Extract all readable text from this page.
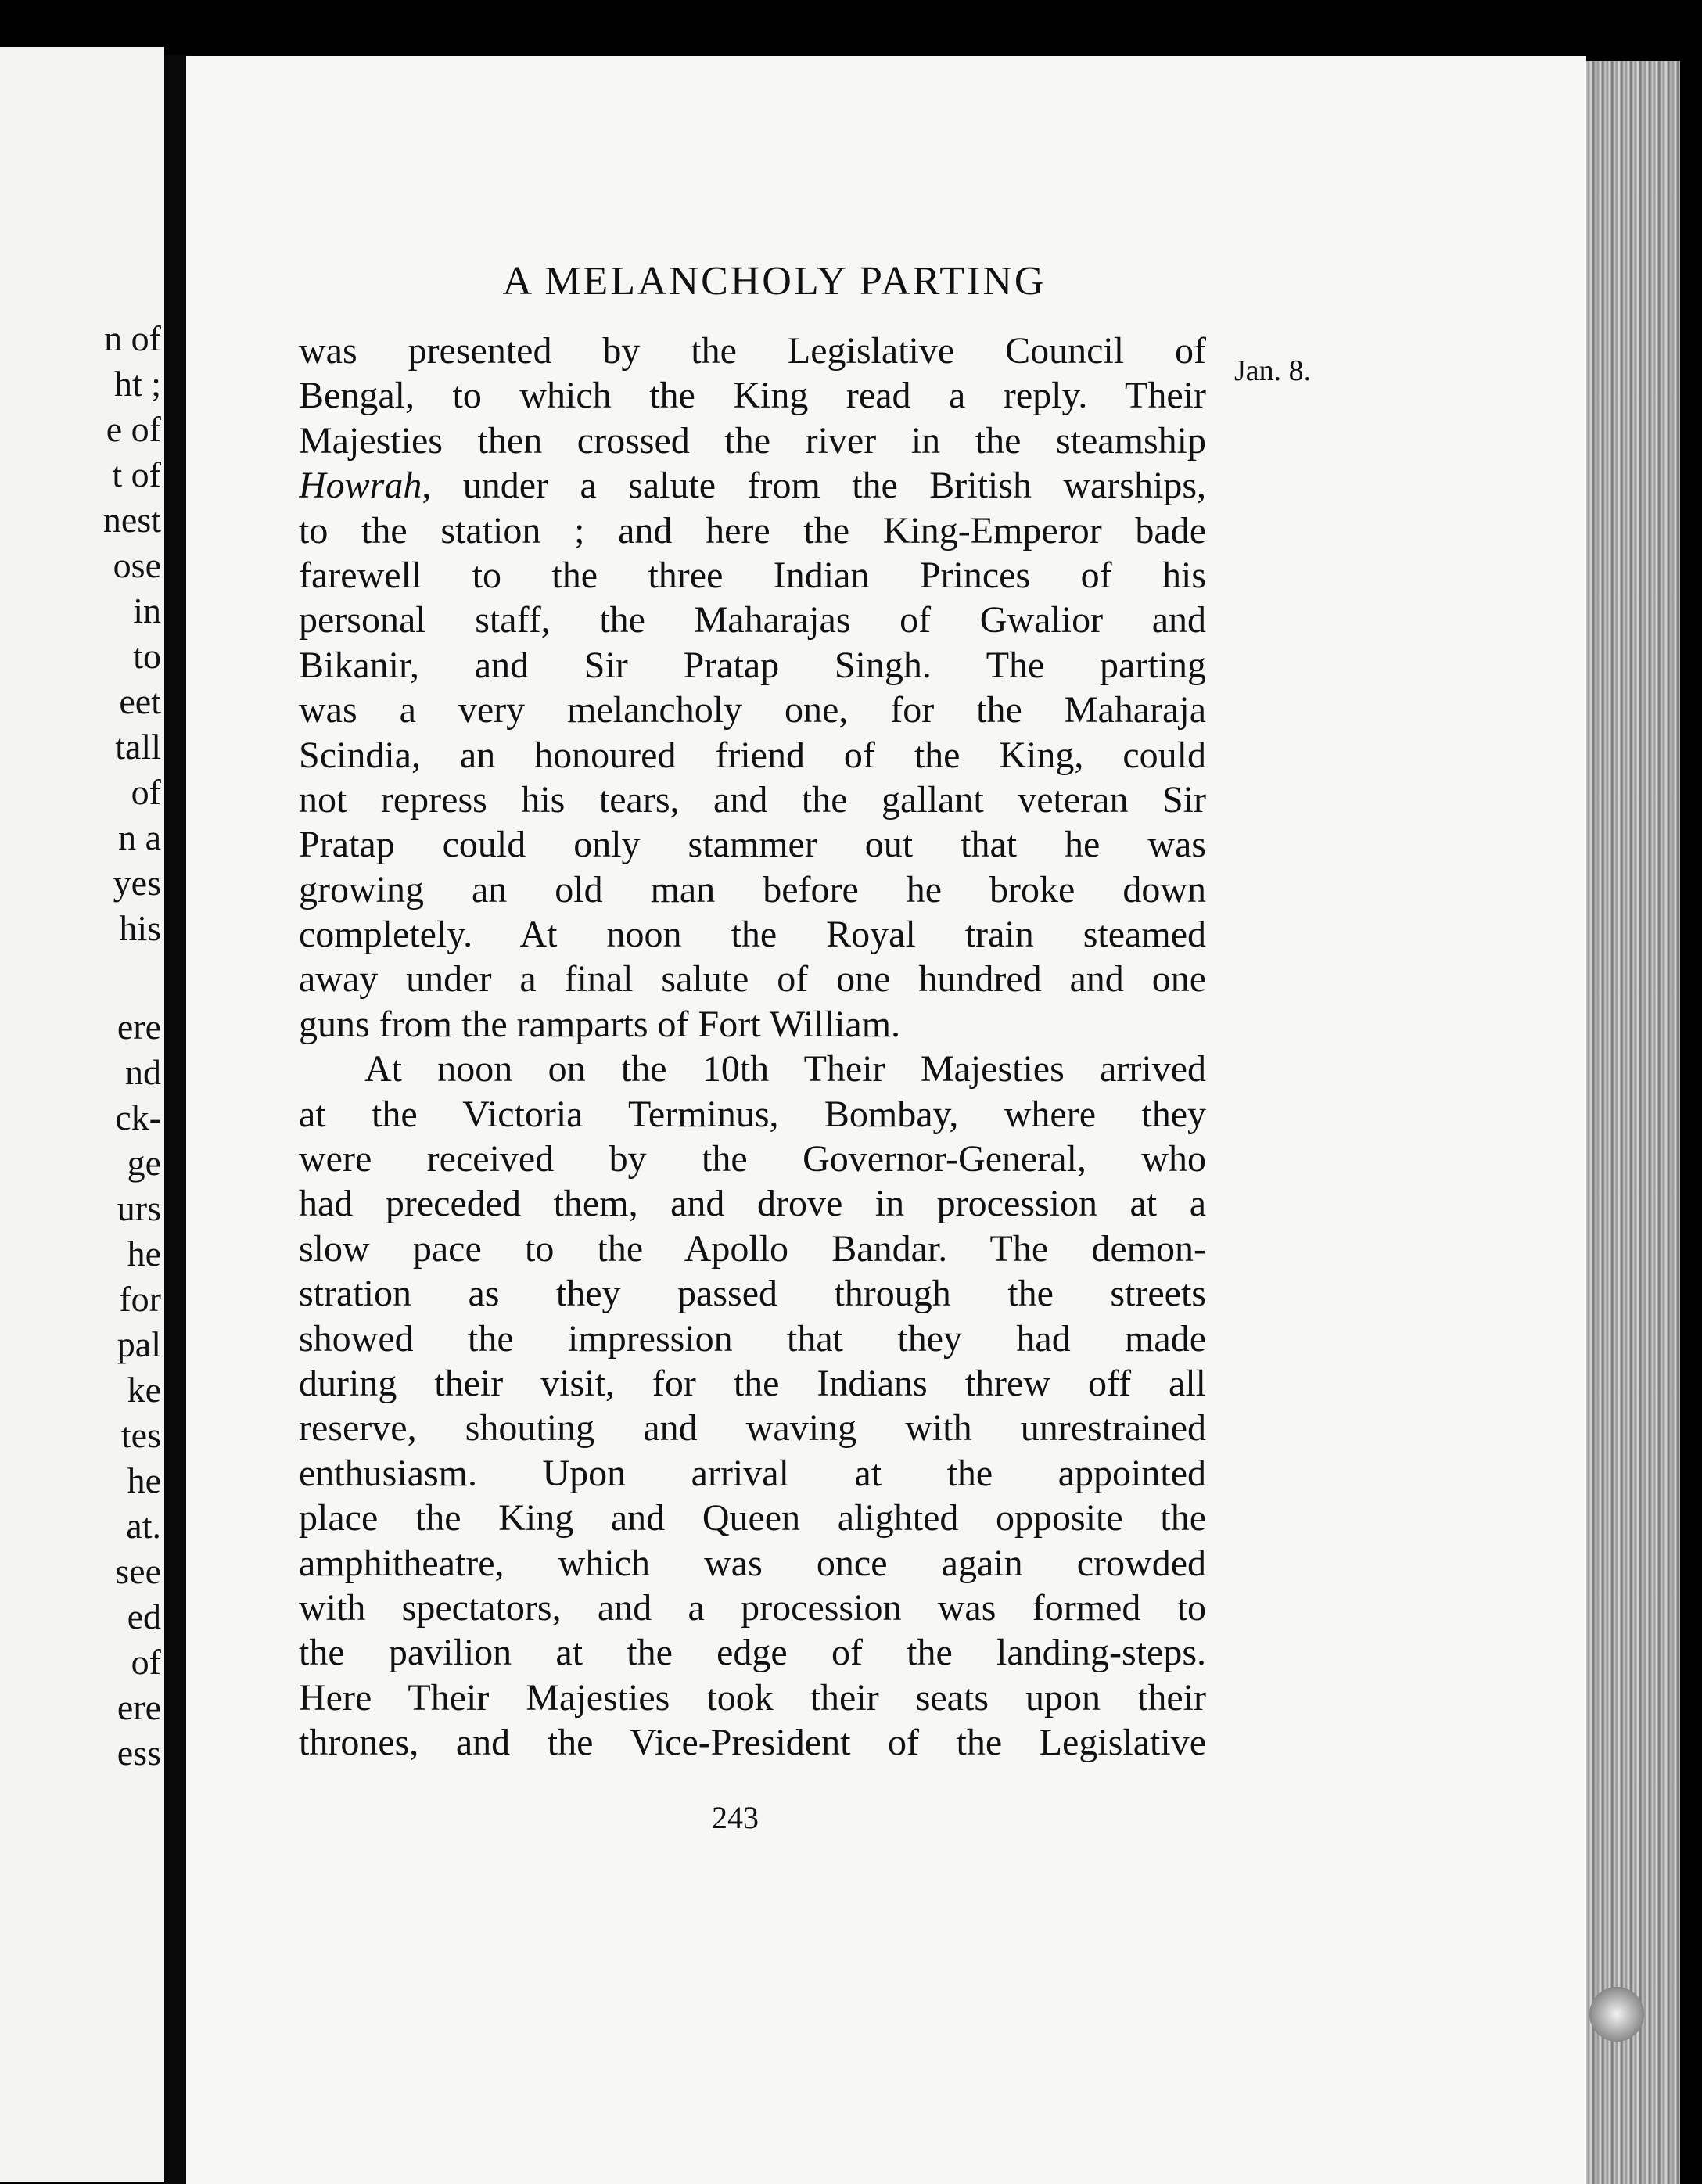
n of
ht ;
e of
t of
nest
ose
in
to
eet
tall
of
n a
yes
his
ere
nd
ck-
ge
urs
he
for
pal
ke
tes
he
at.
see
ed
of
ere
ess
A MELANCHOLY PARTING
Jan. 8.
was presented by the Legislative Council of
Bengal, to which the King read a reply. Their
Majesties then crossed the river in the steamship
Howrah, under a salute from the British warships,
to the station ; and here the King-Emperor bade
farewell to the three Indian Princes of his
personal staff, the Maharajas of Gwalior and
Bikanir, and Sir Pratap Singh. The parting
was a very melancholy one, for the Maharaja
Scindia, an honoured friend of the King, could
not repress his tears, and the gallant veteran Sir
Pratap could only stammer out that he was
growing an old man before he broke down
completely. At noon the Royal train steamed
away under a final salute of one hundred and one
guns from the ramparts of Fort William.
At noon on the 10th Their Majesties arrived
at the Victoria Terminus, Bombay, where they
were received by the Governor-General, who
had preceded them, and drove in procession at a
slow pace to the Apollo Bandar. The demon-
stration as they passed through the streets
showed the impression that they had made
during their visit, for the Indians threw off all
reserve, shouting and waving with unrestrained
enthusiasm. Upon arrival at the appointed
place the King and Queen alighted opposite the
amphitheatre, which was once again crowded
with spectators, and a procession was formed to
the pavilion at the edge of the landing-steps.
Here Their Majesties took their seats upon their
thrones, and the Vice-President of the Legislative
243
